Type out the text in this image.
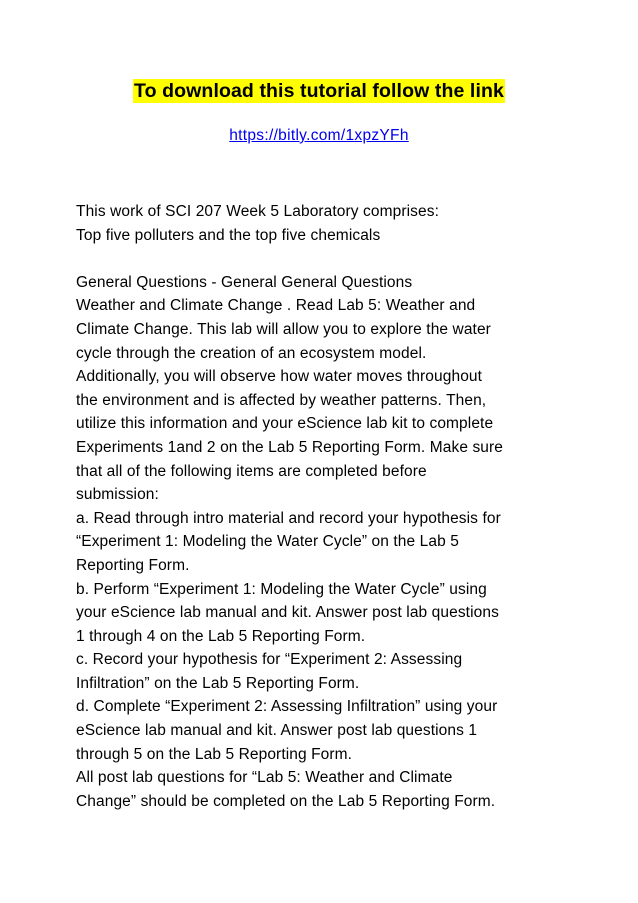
To download this tutorial follow the link
https://bitly.com/1xpzYFh

This work of SCI 207 Week 5 Laboratory comprises:
Top five polluters and the top five chemicals

General Questions - General General Questions
Weather and Climate Change . Read Lab 5: Weather and
Climate Change. This lab will allow you to explore the water
cycle through the creation of an ecosystem model.
Additionally, you will observe how water moves throughout
the environment and is affected by weather patterns. Then,
utilize this information and your eScience lab kit to complete
Experiments 1and 2 on the Lab 5 Reporting Form. Make sure
that all of the following items are completed before
submission:
a. Read through intro material and record your hypothesis for
“Experiment 1: Modeling the Water Cycle” on the Lab 5
Reporting Form.
b. Perform “Experiment 1: Modeling the Water Cycle” using
your eScience lab manual and kit. Answer post lab questions
1 through 4 on the Lab 5 Reporting Form.
c. Record your hypothesis for “Experiment 2: Assessing
Infiltration” on the Lab 5 Reporting Form.
d. Complete “Experiment 2: Assessing Infiltration” using your
eScience lab manual and kit. Answer post lab questions 1
through 5 on the Lab 5 Reporting Form.
All post lab questions for “Lab 5: Weather and Climate
Change” should be completed on the Lab 5 Reporting Form.
